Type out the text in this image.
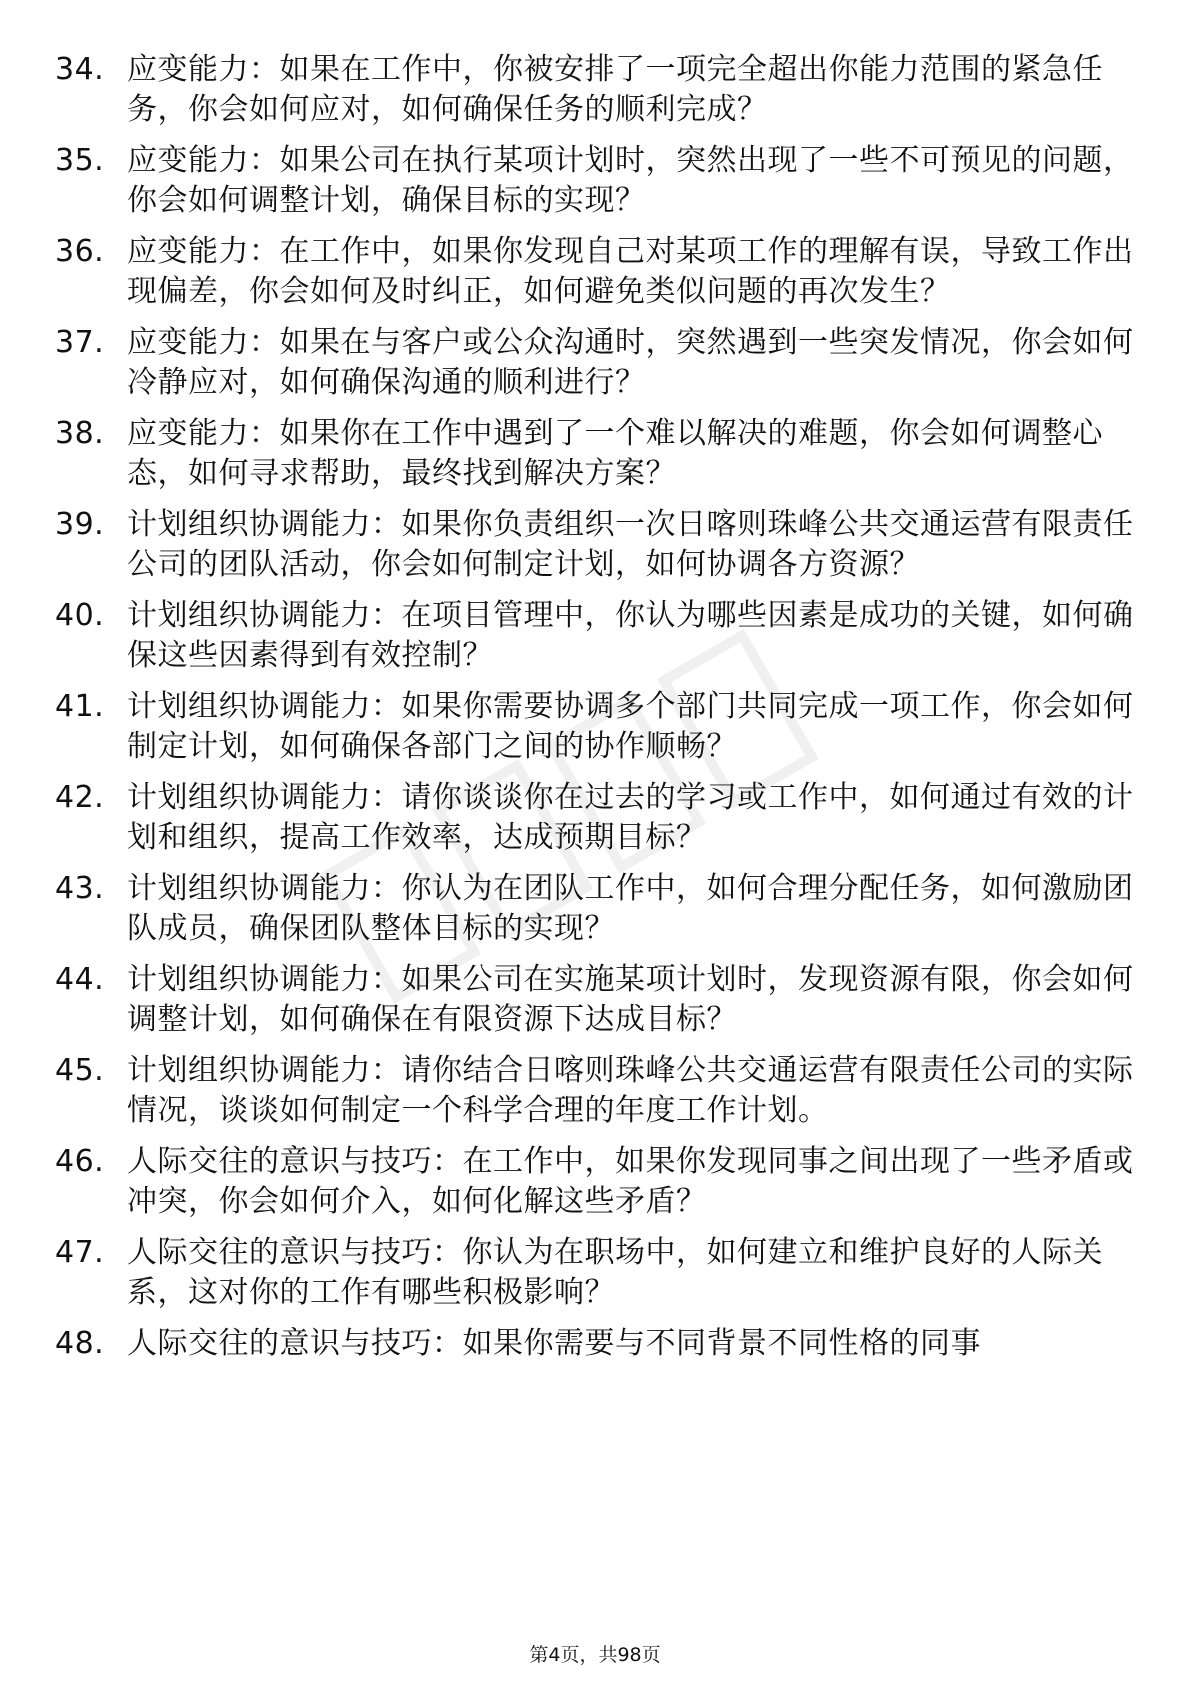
34. 应变能力：如果在工作中，你被安排了一项完全超出你能力范围的紧急任务，你会如何应对，如何确保任务的顺利完成？
35. 应变能力：如果公司在执行某项计划时，突然出现了一些不可预见的问题，你会如何调整计划，确保目标的实现？
36. 应变能力：在工作中，如果你发现自己对某项工作的理解有误，导致工作出现偏差，你会如何及时纠正，如何避免类似问题的再次发生？
37. 应变能力：如果在与客户或公众沟通时，突然遇到一些突发情况，你会如何冷静应对，如何确保沟通的顺利进行？
38. 应变能力：如果你在工作中遇到了一个难以解决的难题，你会如何调整心态，如何寻求帮助，最终找到解决方案？
39. 计划组织协调能力：如果你负责组织一次日喀则珠峰公共交通运营有限责任公司的团队活动，你会如何制定计划，如何协调各方资源？
40. 计划组织协调能力：在项目管理中，你认为哪些因素是成功的关键，如何确保这些因素得到有效控制？
41. 计划组织协调能力：如果你需要协调多个部门共同完成一项工作，你会如何制定计划，如何确保各部门之间的协作顺畅？
42. 计划组织协调能力：请你谈谈你在过去的学习或工作中，如何通过有效的计划和组织，提高工作效率，达成预期目标？
43. 计划组织协调能力：你认为在团队工作中，如何合理分配任务，如何激励团队成员，确保团队整体目标的实现？
44. 计划组织协调能力：如果公司在实施某项计划时，发现资源有限，你会如何调整计划，如何确保在有限资源下达成目标？
45. 计划组织协调能力：请你结合日喀则珠峰公共交通运营有限责任公司的实际情况，谈谈如何制定一个科学合理的年度工作计划。
46. 人际交往的意识与技巧：在工作中，如果你发现同事之间出现了一些矛盾或冲突，你会如何介入，如何化解这些矛盾？
47. 人际交往的意识与技巧：你认为在职场中，如何建立和维护良好的人际关系，这对你的工作有哪些积极影响？
48. 人际交往的意识与技巧：如果你需要与不同背景不同性格的同事
第4页，共98页
